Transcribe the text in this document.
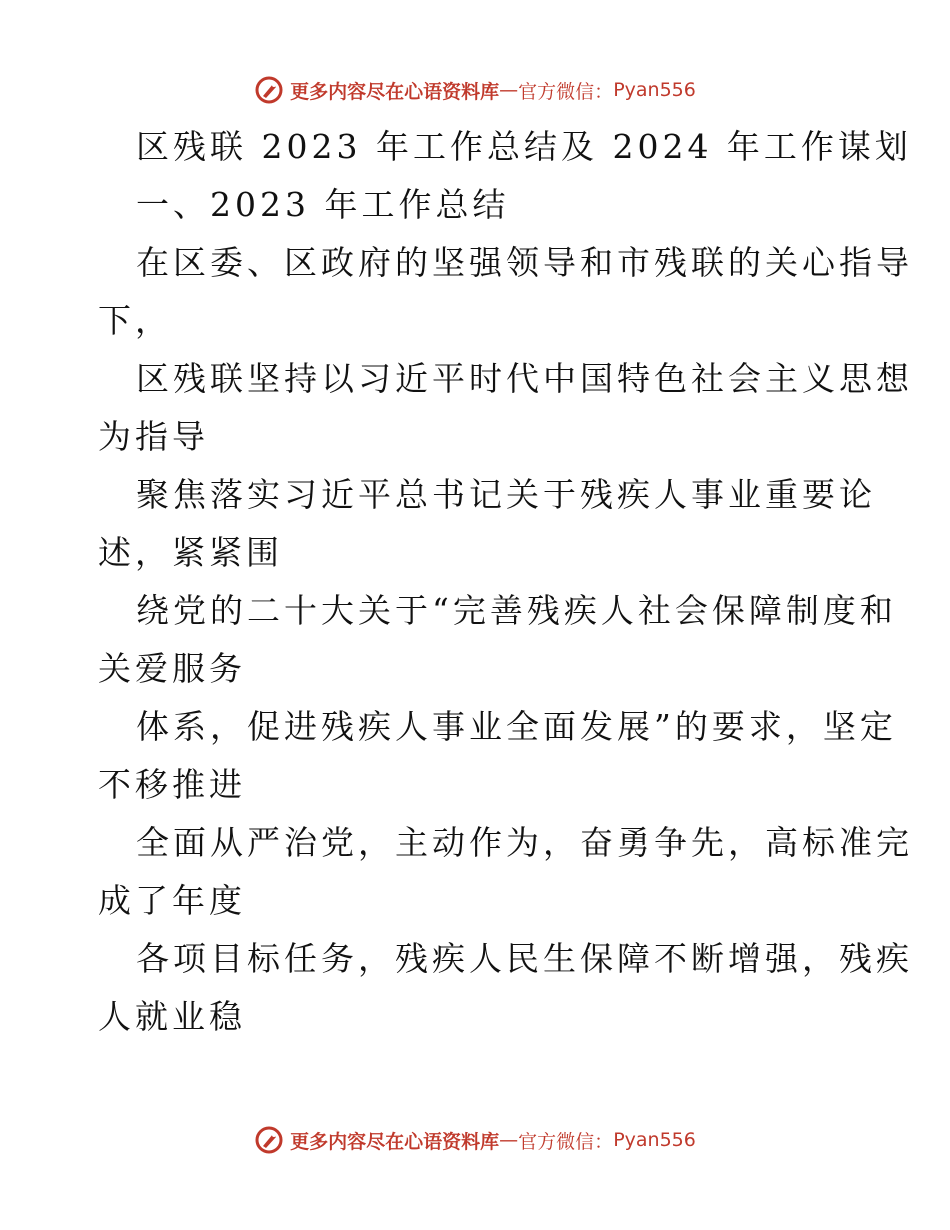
更多内容尽在心语资料库 — 官方微信： Pyan556
区残联 2023 年工作总结及 2024 年工作谋划
一、2023 年工作总结
在区委、区政府的坚强领导和市残联的关心指导
下，
区残联坚持以习近平时代中国特色社会主义思想
为指导
聚焦落实习近平总书记关于残疾人事业重要论
述，紧紧围
绕党的二十大关于“完善残疾人社会保障制度和
关爱服务
体系，促进残疾人事业全面发展”的要求，坚定
不移推进
全面从严治党，主动作为，奋勇争先，高标准完
成了年度
各项目标任务，残疾人民生保障不断增强，残疾
人就业稳
更多内容尽在心语资料库 — 官方微信： Pyan556
